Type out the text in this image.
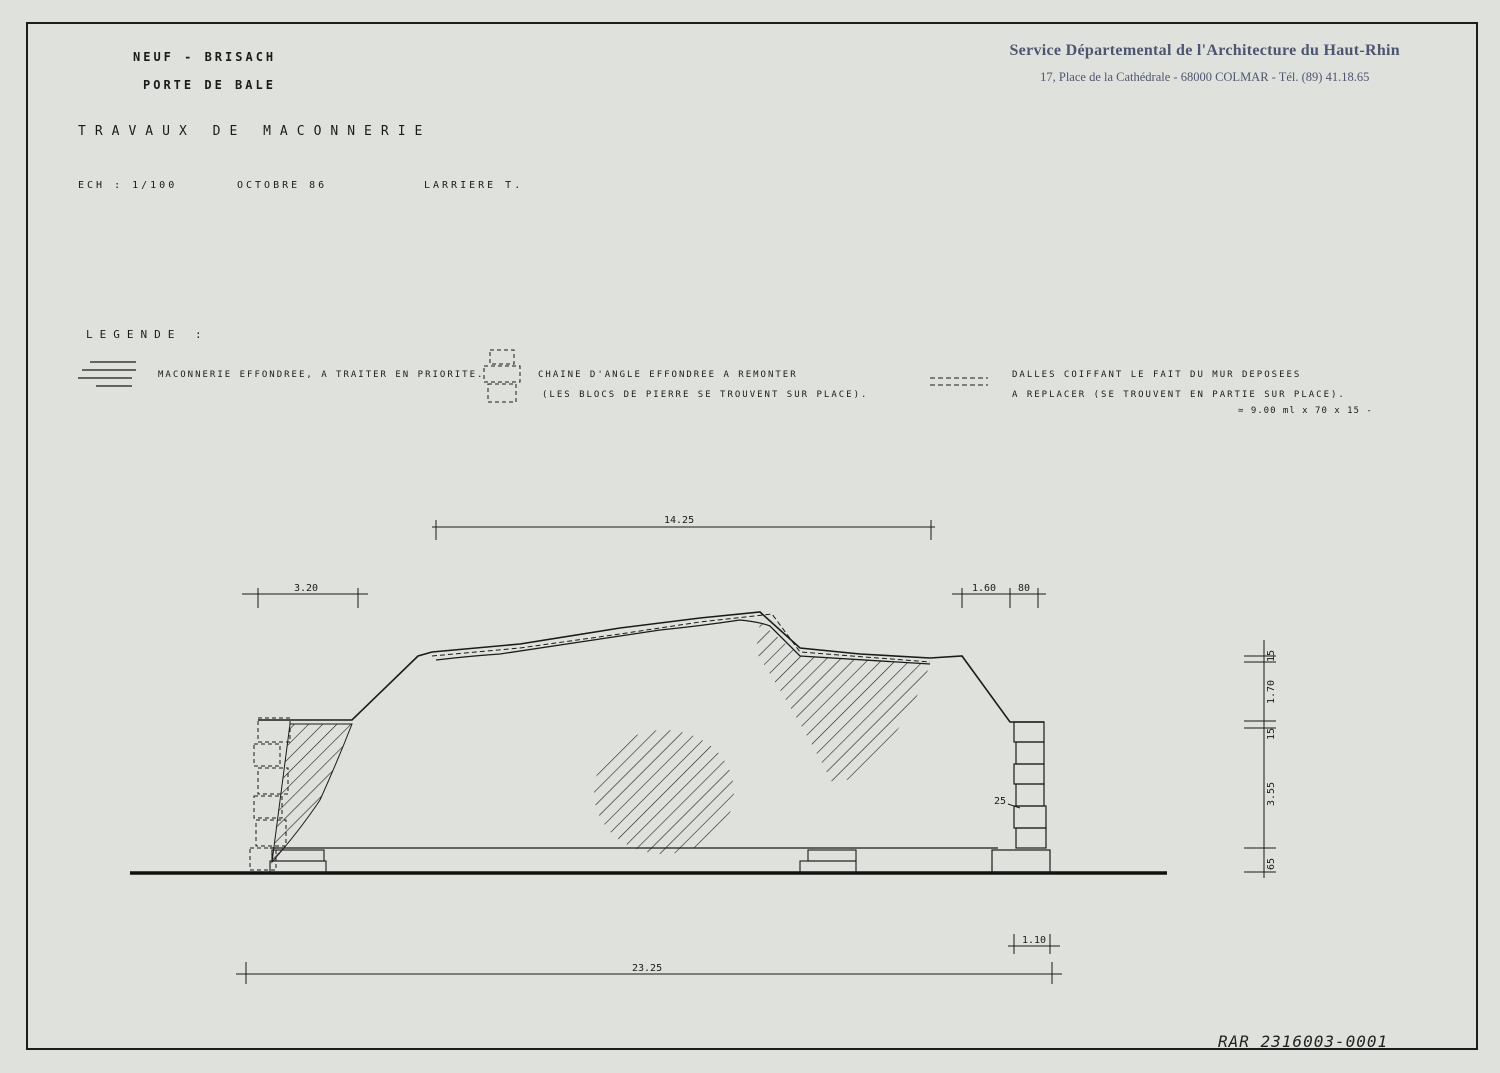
NEUF - BRISACH
PORTE DE BALE
TRAVAUX DE MACONNERIE
ECH : 1/100	OCTOBRE 86	LARRIERE T.
Service Départemental de l'Architecture du Haut-Rhin
17, Place de la Cathédrale - 68000 COLMAR - Tél. (89) 41.18.65
LEGENDE :
MACONNERIE EFFONDREE, A TRAITER EN PRIORITE.	CHAINE D'ANGLE EFFONDREE A REMONTER
(LES BLOCS DE PIERRE SE TROUVENT SUR PLACE).
DALLES COIFFANT LE FAIT DU MUR DEPOSEES
A REPLACER (SE TROUVENT EN PARTIE SUR PLACE).
≃ 9.00 ml x 70 x 15 -
RAR 2316003-0001
14.25
3.20	1.60 80
23.25
1.10
25
15
1.70
15
3.55
65
